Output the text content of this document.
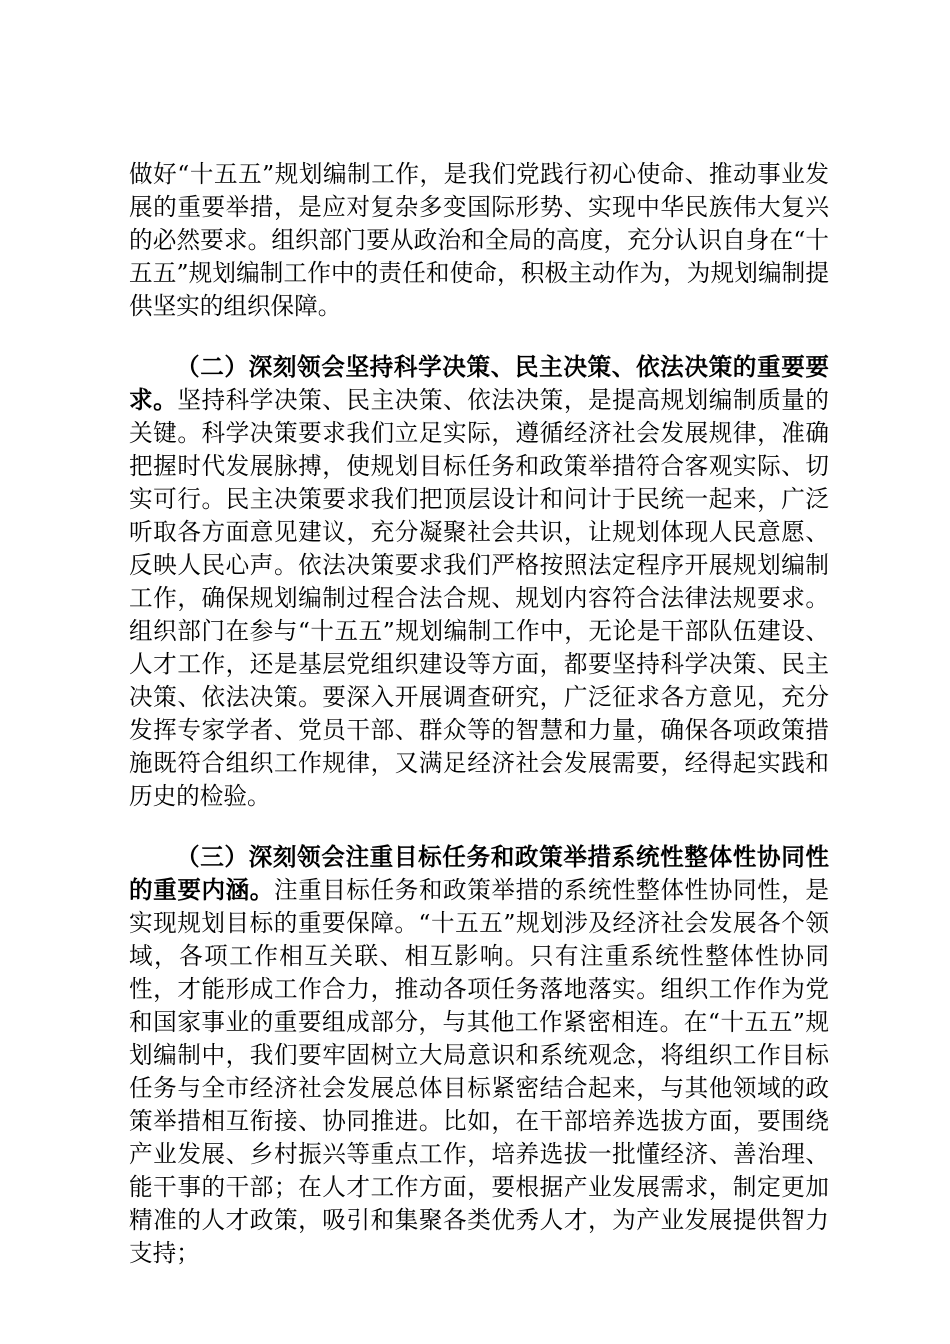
做好“十五五”规划编制工作，是我们党践行初心使命、推动事业发展的重要举措，是应对复杂多变国际形势、实现中华民族伟大复兴的必然要求。组织部门要从政治和全局的高度，充分认识自身在“十五五”规划编制工作中的责任和使命，积极主动作为，为规划编制提供坚实的组织保障。

（二）深刻领会坚持科学决策、民主决策、依法决策的重要要求。坚持科学决策、民主决策、依法决策，是提高规划编制质量的关键。科学决策要求我们立足实际，遵循经济社会发展规律，准确把握时代发展脉搏，使规划目标任务和政策举措符合客观实际、切实可行。民主决策要求我们把顶层设计和问计于民统一起来，广泛听取各方面意见建议，充分凝聚社会共识，让规划体现人民意愿、反映人民心声。依法决策要求我们严格按照法定程序开展规划编制工作，确保规划编制过程合法合规、规划内容符合法律法规要求。组织部门在参与“十五五”规划编制工作中，无论是干部队伍建设、人才工作，还是基层党组织建设等方面，都要坚持科学决策、民主决策、依法决策。要深入开展调查研究，广泛征求各方意见，充分发挥专家学者、党员干部、群众等的智慧和力量，确保各项政策措施既符合组织工作规律，又满足经济社会发展需要，经得起实践和历史的检验。

（三）深刻领会注重目标任务和政策举措系统性整体性协同性的重要内涵。注重目标任务和政策举措的系统性整体性协同性，是实现规划目标的重要保障。“十五五”规划涉及经济社会发展各个领域，各项工作相互关联、相互影响。只有注重系统性整体性协同性，才能形成工作合力，推动各项任务落地落实。组织工作作为党和国家事业的重要组成部分，与其他工作紧密相连。在“十五五”规划编制中，我们要牢固树立大局意识和系统观念，将组织工作目标任务与全市经济社会发展总体目标紧密结合起来，与其他领域的政策举措相互衔接、协同推进。比如，在干部培养选拔方面，要围绕产业发展、乡村振兴等重点工作，培养选拔一批懂经济、善治理、能干事的干部；在人才工作方面，要根据产业发展需求，制定更加精准的人才政策，吸引和集聚各类优秀人才，为产业发展提供智力支持；
